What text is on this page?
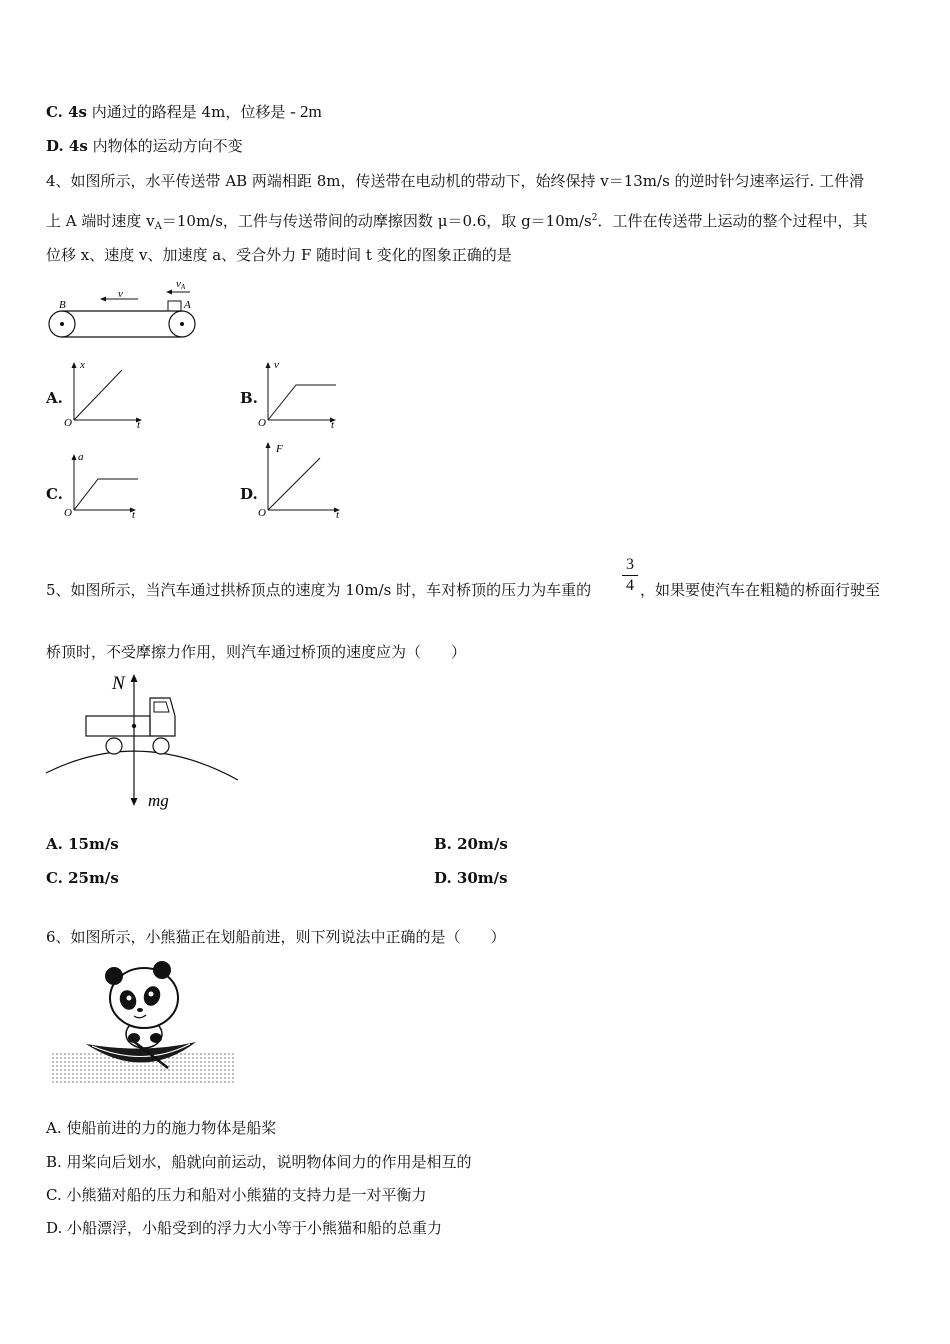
C. 4s 内通过的路程是 4m，位移是 - 2m
D. 4s 内物体的运动方向不变
4、如图所示，水平传送带 AB 两端相距 8m，传送带在电动机的带动下，始终保持 v＝13m/s 的逆时针匀速率运行. 工件滑
上 A 端时速度 $v_A=10m/s$，工件与传送带间的动摩擦因数 μ＝0.6，取 $g=10m/s^2$．工件在传送带上运动的整个过程中，其
位移 x、速度 v、加速度 a、受合外力 F 随时间 t 变化的图象正确的是
B	A
v
vA
A.
x
t
O
B.
v
t
O
C.
a
t
O
D.
F
t
O
5、如图所示，当汽车通过拱桥顶点的速度为 10m/s 时，车对桥顶的压力为车重的
3
4 ，如果要使汽车在粗糙的桥面行驶至
桥顶时，不受摩擦力作用，则汽车通过桥顶的速度应为（　　）
N
mg
A. 15m/s	B. 20m/s
C. 25m/s	D. 30m/s
6、如图所示，小熊猫正在划船前进，则下列说法中正确的是（　　）
A. 使船前进的力的施力物体是船桨
B. 用桨向后划水，船就向前运动，说明物体间力的作用是相互的
C. 小熊猫对船的压力和船对小熊猫的支持力是一对平衡力
D. 小船漂浮，小船受到的浮力大小等于小熊猫和船的总重力
